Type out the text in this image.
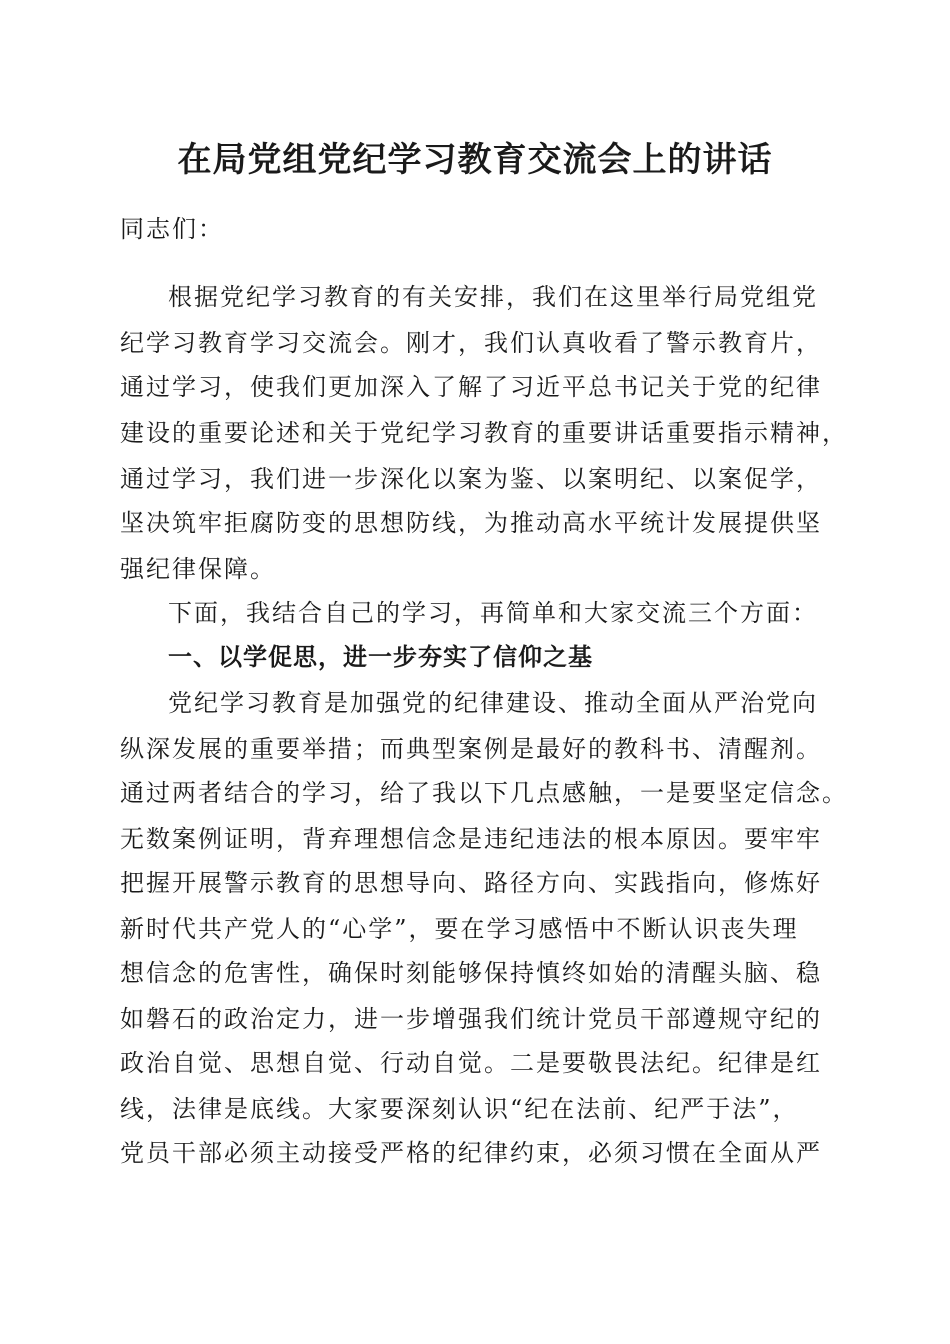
在局党组党纪学习教育交流会上的讲话
同志们：
根据党纪学习教育的有关安排，我们在这里举行局党组党
纪学习教育学习交流会。刚才，我们认真收看了警示教育片，
通过学习，使我们更加深入了解了习近平总书记关于党的纪律
建设的重要论述和关于党纪学习教育的重要讲话重要指示精神，
通过学习，我们进一步深化以案为鉴、以案明纪、以案促学，
坚决筑牢拒腐防变的思想防线，为推动高水平统计发展提供坚
强纪律保障。
下面，我结合自己的学习，再简单和大家交流三个方面：
一、以学促思，进一步夯实了信仰之基
党纪学习教育是加强党的纪律建设、推动全面从严治党向
纵深发展的重要举措；而典型案例是最好的教科书、清醒剂。
通过两者结合的学习，给了我以下几点感触，一是要坚定信念。
无数案例证明，背弃理想信念是违纪违法的根本原因。要牢牢
把握开展警示教育的思想导向、路径方向、实践指向，修炼好
新时代共产党人的“心学”，要在学习感悟中不断认识丧失理
想信念的危害性，确保时刻能够保持慎终如始的清醒头脑、稳
如磐石的政治定力，进一步增强我们统计党员干部遵规守纪的
政治自觉、思想自觉、行动自觉。二是要敬畏法纪。纪律是红
线，法律是底线。大家要深刻认识“纪在法前、纪严于法”，
党员干部必须主动接受严格的纪律约束，必须习惯在全面从严
